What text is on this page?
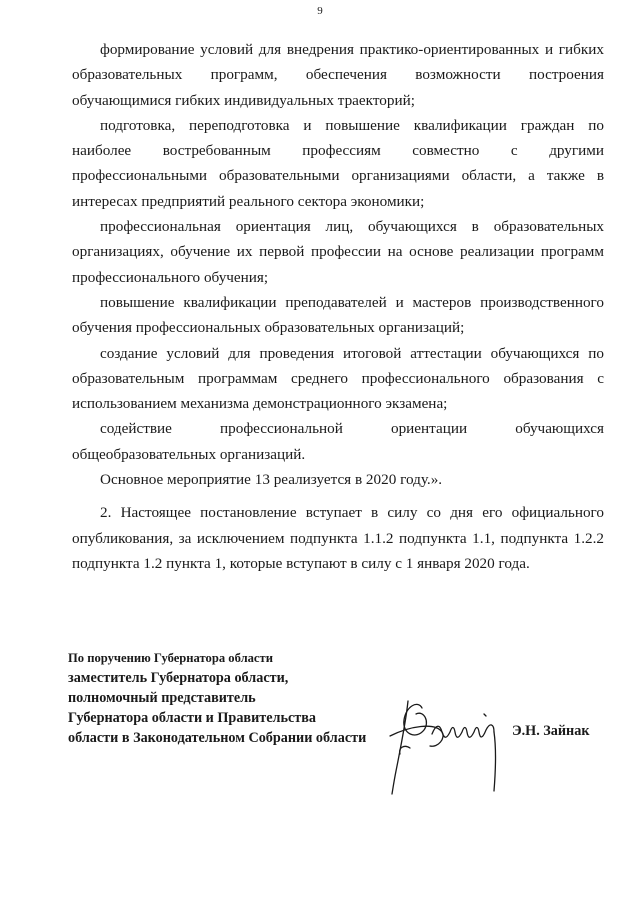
9

формирование условий для внедрения практико-ориентированных и гибких образовательных программ, обеспечения возможности построения обучающимися гибких индивидуальных траекторий;

подготовка, переподготовка и повышение квалификации граждан по наиболее востребованным профессиям совместно с другими профессиональными образовательными организациями области, а также в интересах предприятий реального сектора экономики;

профессиональная ориентация лиц, обучающихся в образовательных организациях, обучение их первой профессии на основе реализации программ профессионального обучения;

повышение квалификации преподавателей и мастеров производственного обучения профессиональных образовательных организаций;

создание условий для проведения итоговой аттестации обучающихся по образовательным программам среднего профессионального образования с использованием механизма демонстрационного экзамена;

содействие профессиональной ориентации обучающихся общеобразовательных организаций.

Основное мероприятие 13 реализуется в 2020 году.».

2. Настоящее постановление вступает в силу со дня его официального опубликования, за исключением подпункта 1.1.2 подпункта 1.1, подпункта 1.2.2 подпункта 1.2 пункта 1, которые вступают в силу с 1 января 2020 года.

По поручению Губернатора области
заместитель Губернатора области,
полномочный представитель
Губернатора области и Правительства
области в Законодательном Собрании области	Э.Н. Зайнак
